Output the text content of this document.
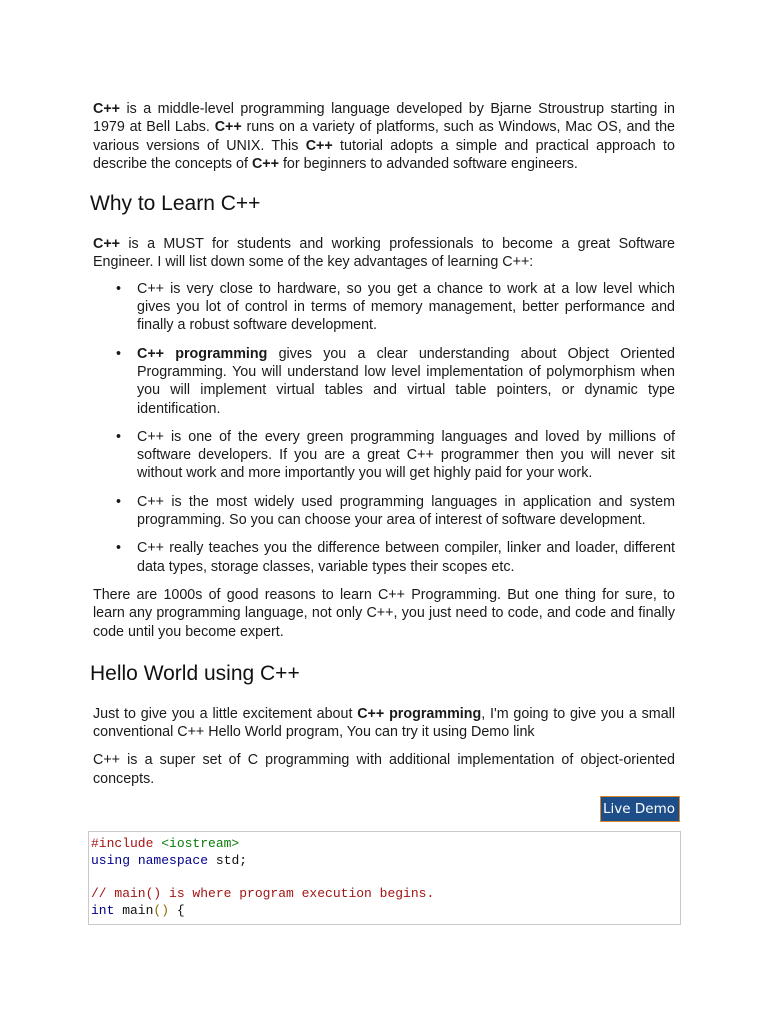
C++ is a middle-level programming language developed by Bjarne Stroustrup starting in 1979 at Bell Labs. C++ runs on a variety of platforms, such as Windows, Mac OS, and the various versions of UNIX. This C++ tutorial adopts a simple and practical approach to describe the concepts of C++ for beginners to advanded software engineers.

Why to Learn C++

C++ is a MUST for students and working professionals to become a great Software Engineer. I will list down some of the key advantages of learning C++:

• C++ is very close to hardware, so you get a chance to work at a low level which gives you lot of control in terms of memory management, better performance and finally a robust software development.

• C++ programming gives you a clear understanding about Object Oriented Programming. You will understand low level implementation of polymorphism when you will implement virtual tables and virtual table pointers, or dynamic type identification.

• C++ is one of the every green programming languages and loved by millions of software developers. If you are a great C++ programmer then you will never sit without work and more importantly you will get highly paid for your work.

• C++ is the most widely used programming languages in application and system programming. So you can choose your area of interest of software development.

• C++ really teaches you the difference between compiler, linker and loader, different data types, storage classes, variable types their scopes etc.

There are 1000s of good reasons to learn C++ Programming. But one thing for sure, to learn any programming language, not only C++, you just need to code, and code and finally code until you become expert.

Hello World using C++

Just to give you a little excitement about C++ programming, I'm going to give you a small conventional C++ Hello World program, You can try it using Demo link

C++ is a super set of C programming with additional implementation of object-oriented concepts.

Live Demo
#include <iostream>
using namespace std;

// main() is where program execution begins.
int main() {
